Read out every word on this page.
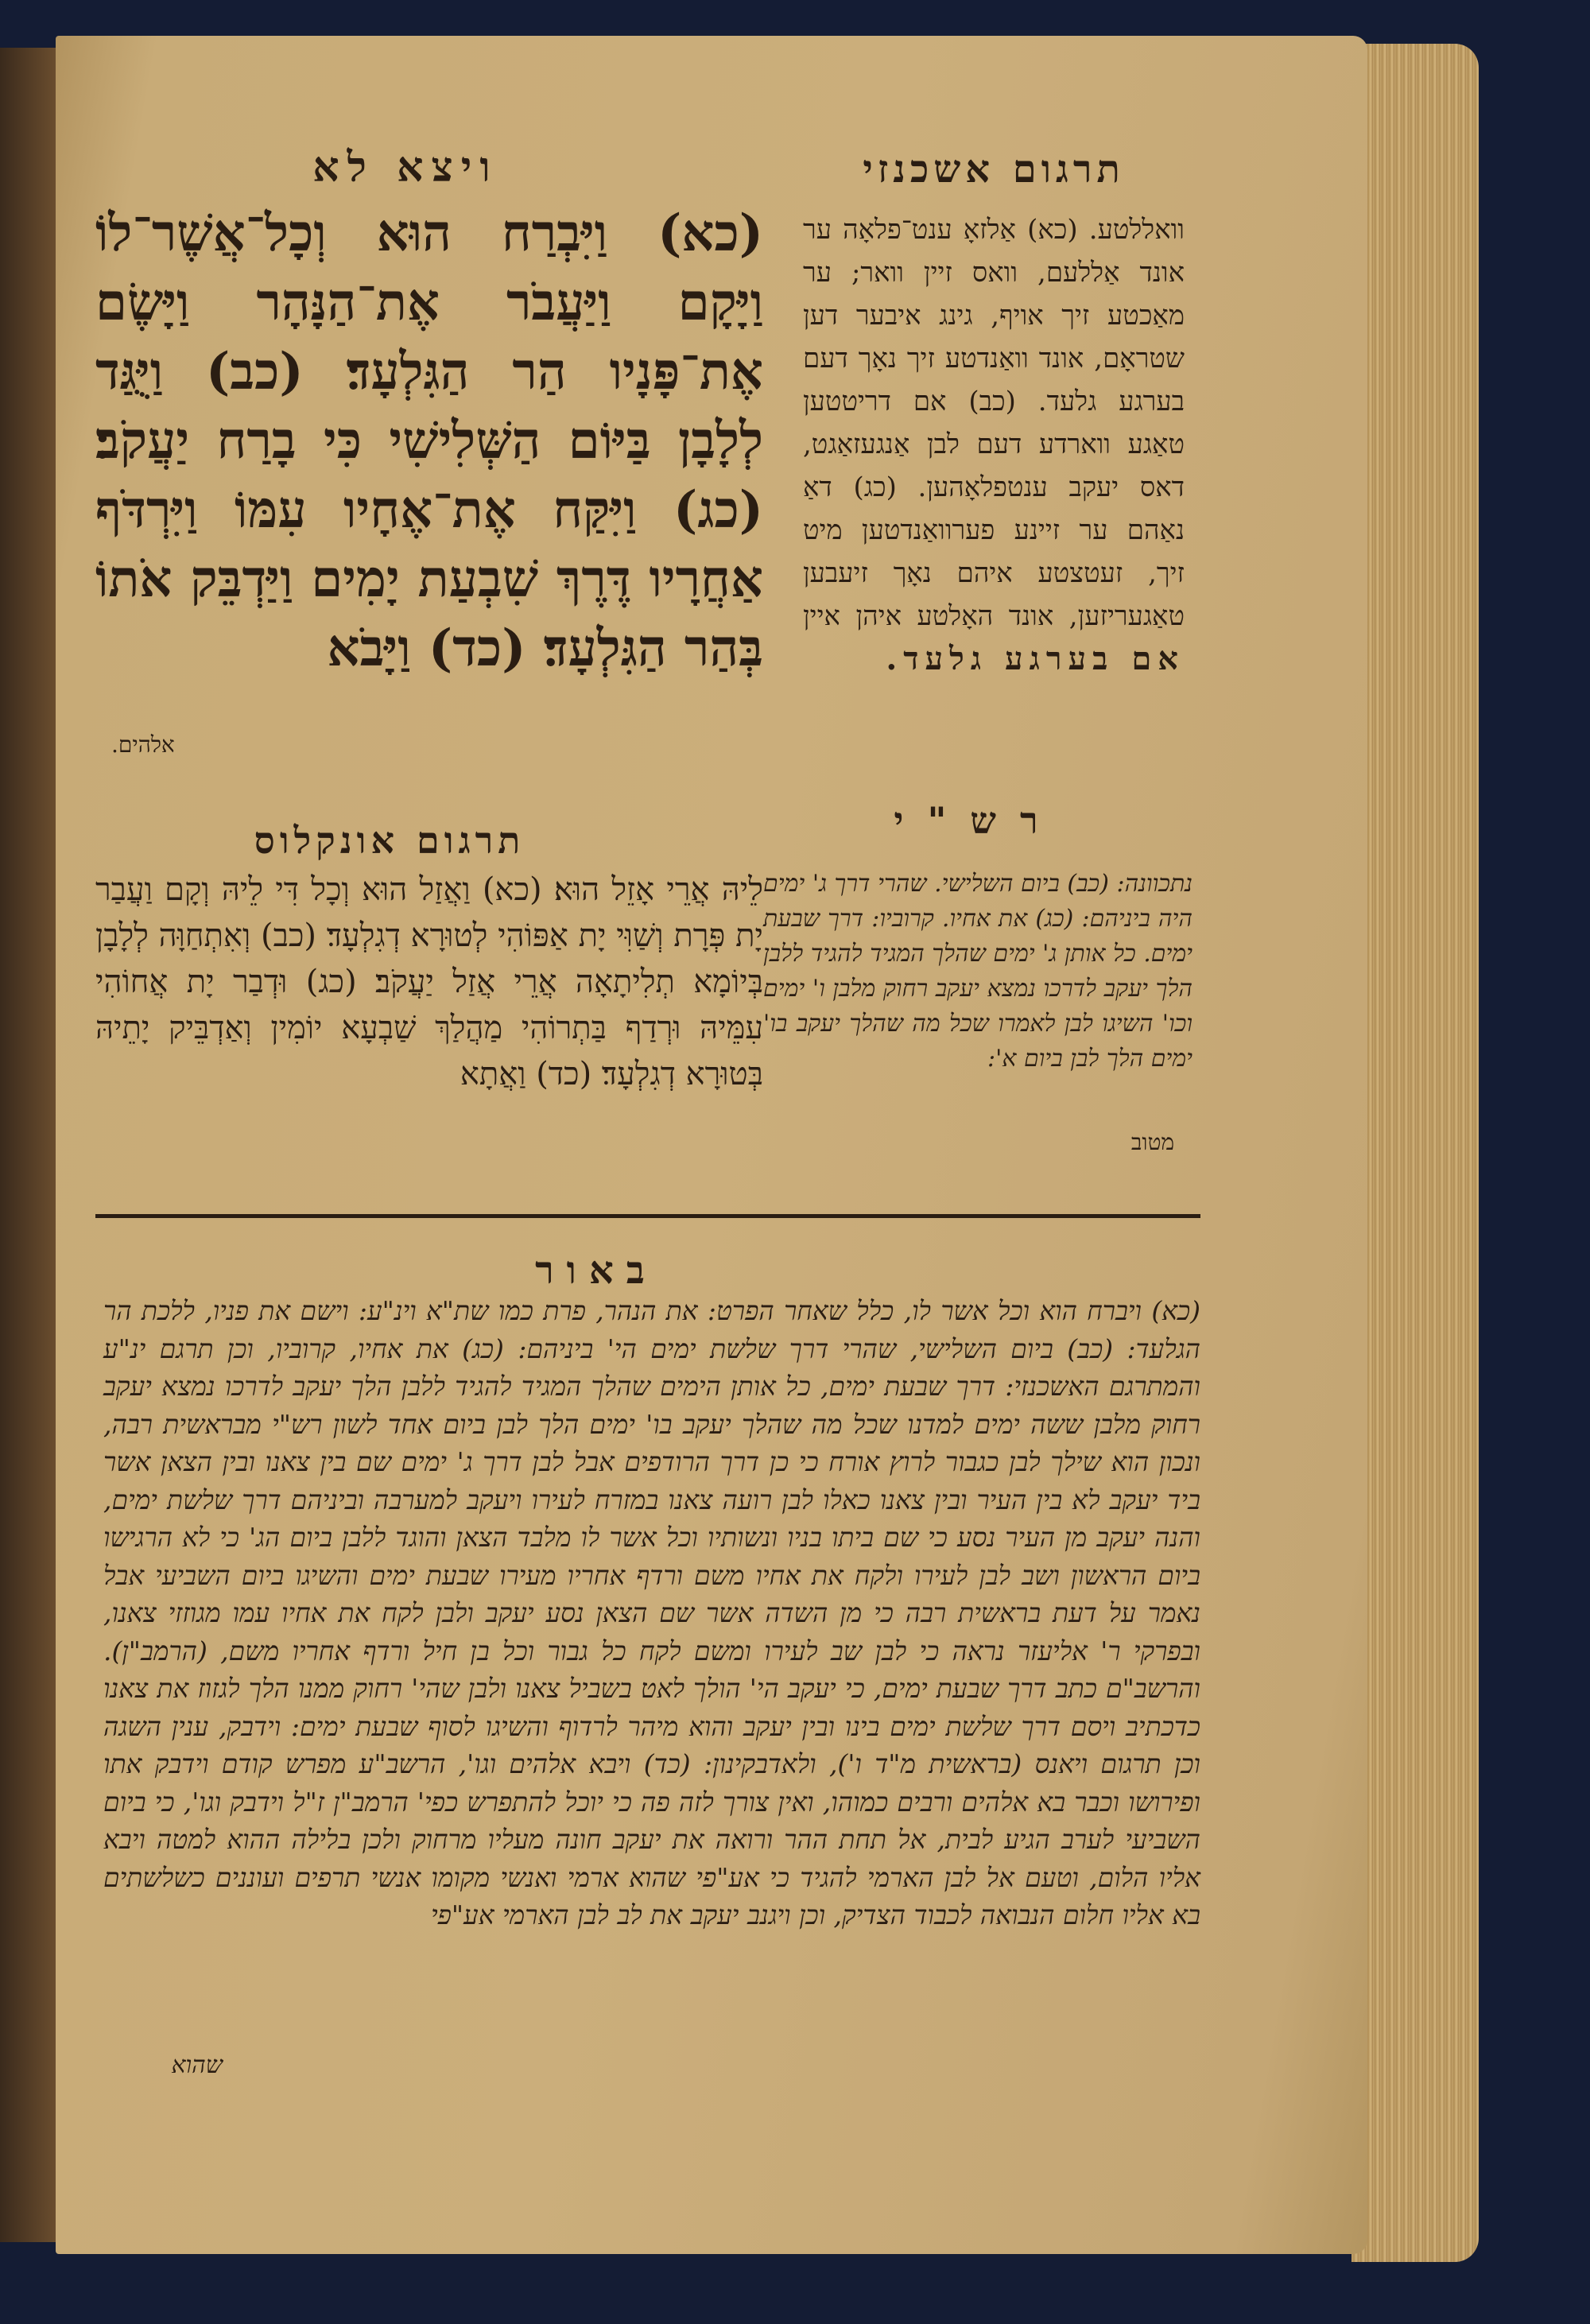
ויצא לא	תרגום אשכנזי
(כא) וַיִּבְרַח הוּא וְכָל־אֲשֶׁר־לוֹ וַיָּקָם וַיַּעֲבֹר אֶת־הַנָּהָר וַיָּשֶׂם אֶת־פָּנָיו הַר הַגִּלְעָד׃ (כב) וַיֻּגַּד לְלָבָן בַּיּוֹם הַשְּׁלִישִׁי כִּי בָרַח יַעֲקֹב׃ (כג) וַיִּקַּח אֶת־אֶחָיו עִמּוֹ וַיִּרְדֹּף אַחֲרָיו דֶּרֶךְ שִׁבְעַת יָמִים וַיַּדְבֵּק אֹתוֹ בְּהַר הַגִּלְעָד׃ (כד) וַיָּבֹא
אלהים.
וואללטע. (כא) אַלזאָ ענט־פלאָה ער אונד אַללעם, וואס זיין וואר; ער מאַכטע זיך אויף, גינג איבער דען שטראָם, אונד וואַנדטע זיך נאָך דעם בערגע גלעד. (כב) אם דריטטען טאַגע ווארדע דעם לבן אַנגעזאַגט, דאס יעקב ענטפלאָהען. (כג) דאַ נאַהם ער זיינע פערוואַנדטען מיט זיך, זעטצטע איהם נאָך זיעבען טאַגעריזען, אונד האָלטע איהן איין אם בערגע גלעד.
רש"י
תרגום אונקלוס
לֵיהּ אֲרֵי אָזֵל הוּא׃ (כא) וַאֲזַל הוּא וְכָל דִּי לֵיהּ וְקָם וַעֲבַר יָת פְּרָת וְשַׁוִּי יָת אַפּוֹהִי לְטוּרָא דְגִלְעָד׃ (כב) וְאִתְחַוָּה לְלָבָן בְּיוֹמָא תְלִיתָאָה אֲרֵי אֲזַל יַעֲקֹב׃ (כג) וּדְבַר יָת אֲחוֹהִי עִמֵּיהּ וּרְדַף בַּתְרוֹהִי מַהֲלַךְ שַׁבְעָא יוֹמִין וְאַדְבֵּיק יָתֵיהּ בְּטוּרָא דְגִלְעָד׃ (כד) וַאֲתָא
נתכוונה: (כב) ביום השלישי. שהרי דרך ג' ימים היה ביניהם: (כג) את אחיו. קרוביו: דרך שבעת ימים. כל אותן ג' ימים שהלך המגיד להגיד ללבן הלך יעקב לדרכו נמצא יעקב רחוק מלבן ו' ימים וכו' השיגו לבן לאמרו שכל מה שהלך יעקב בו' ימים הלך לבן ביום א':
מטוב
באור
(כא) ויברח הוא וכל אשר לו, כלל שאחר הפרט: את הנהר, פרת כמו שת"א וינ"ע: וישם את פניו, ללכת הר הגלעד: (כב) ביום השלישי, שהרי דרך שלשת ימים הי' ביניהם: (כג) את אחיו, קרוביו, וכן תרגם ינ"ע והמתרגם האשכנזי: דרך שבעת ימים, כל אותן הימים שהלך המגיד להגיד ללבן הלך יעקב לדרכו נמצא יעקב רחוק מלבן ששה ימים למדנו שכל מה שהלך יעקב בו' ימים הלך לבן ביום אחד לשון רש"י מבראשית רבה, ונכון הוא שילך לבן כגבור לרוץ אורח כי כן דרך הרודפים אבל לבן דרך ג' ימים שם בין צאנו ובין הצאן אשר ביד יעקב לא בין העיר ובין צאנו כאלו לבן רועה צאנו במזרח לעירו ויעקב למערבה וביניהם דרך שלשת ימים, והנה יעקב מן העיר נסע כי שם ביתו בניו ונשותיו וכל אשר לו מלבד הצאן והוגד ללבן ביום הג' כי לא הרגישו ביום הראשון ושב לבן לעירו ולקח את אחיו משם ורדף אחריו מעירו שבעת ימים והשיגו ביום השביעי אבל נאמר על דעת בראשית רבה כי מן השדה אשר שם הצאן נסע יעקב ולבן לקח את אחיו עמו מגוזזי צאנו, ובפרקי ר' אליעזר נראה כי לבן שב לעירו ומשם לקח כל גבור וכל בן חיל ורדף אחריו משם, (הרמב"ן). והרשב"ם כתב דרך שבעת ימים, כי יעקב הי' הולך לאט בשביל צאנו ולבן שהי' רחוק ממנו הלך לגזוז את צאנו כדכתיב ויסם דרך שלשת ימים בינו ובין יעקב והוא מיהר לרדוף והשיגו לסוף שבעת ימים: וידבק, ענין השגה וכן תרגום ויאנס (בראשית מ"ד ו'), ולאדבקינון: (כד) ויבא אלהים וגו', הרשב"ע מפרש קודם וידבק אתו ופירושו וכבר בא אלהים ורבים כמוהו, ואין צורך לזה פה כי יוכל להתפרש כפי' הרמב"ן ז"ל וידבק וגו', כי ביום השביעי לערב הגיע לבית, אל תחת ההר ורואה את יעקב חונה מעליו מרחוק ולכן בלילה ההוא למטה ויבא אליו הלום, וטעם אל לבן הארמי להגיד כי אע"פי שהוא ארמי ואנשי מקומו אנשי תרפים ועוננים כשלשתים בא אליו חלום הנבואה לכבוד הצדיק, וכן ויגנב יעקב את לב לבן הארמי אע"פי
שהוא
